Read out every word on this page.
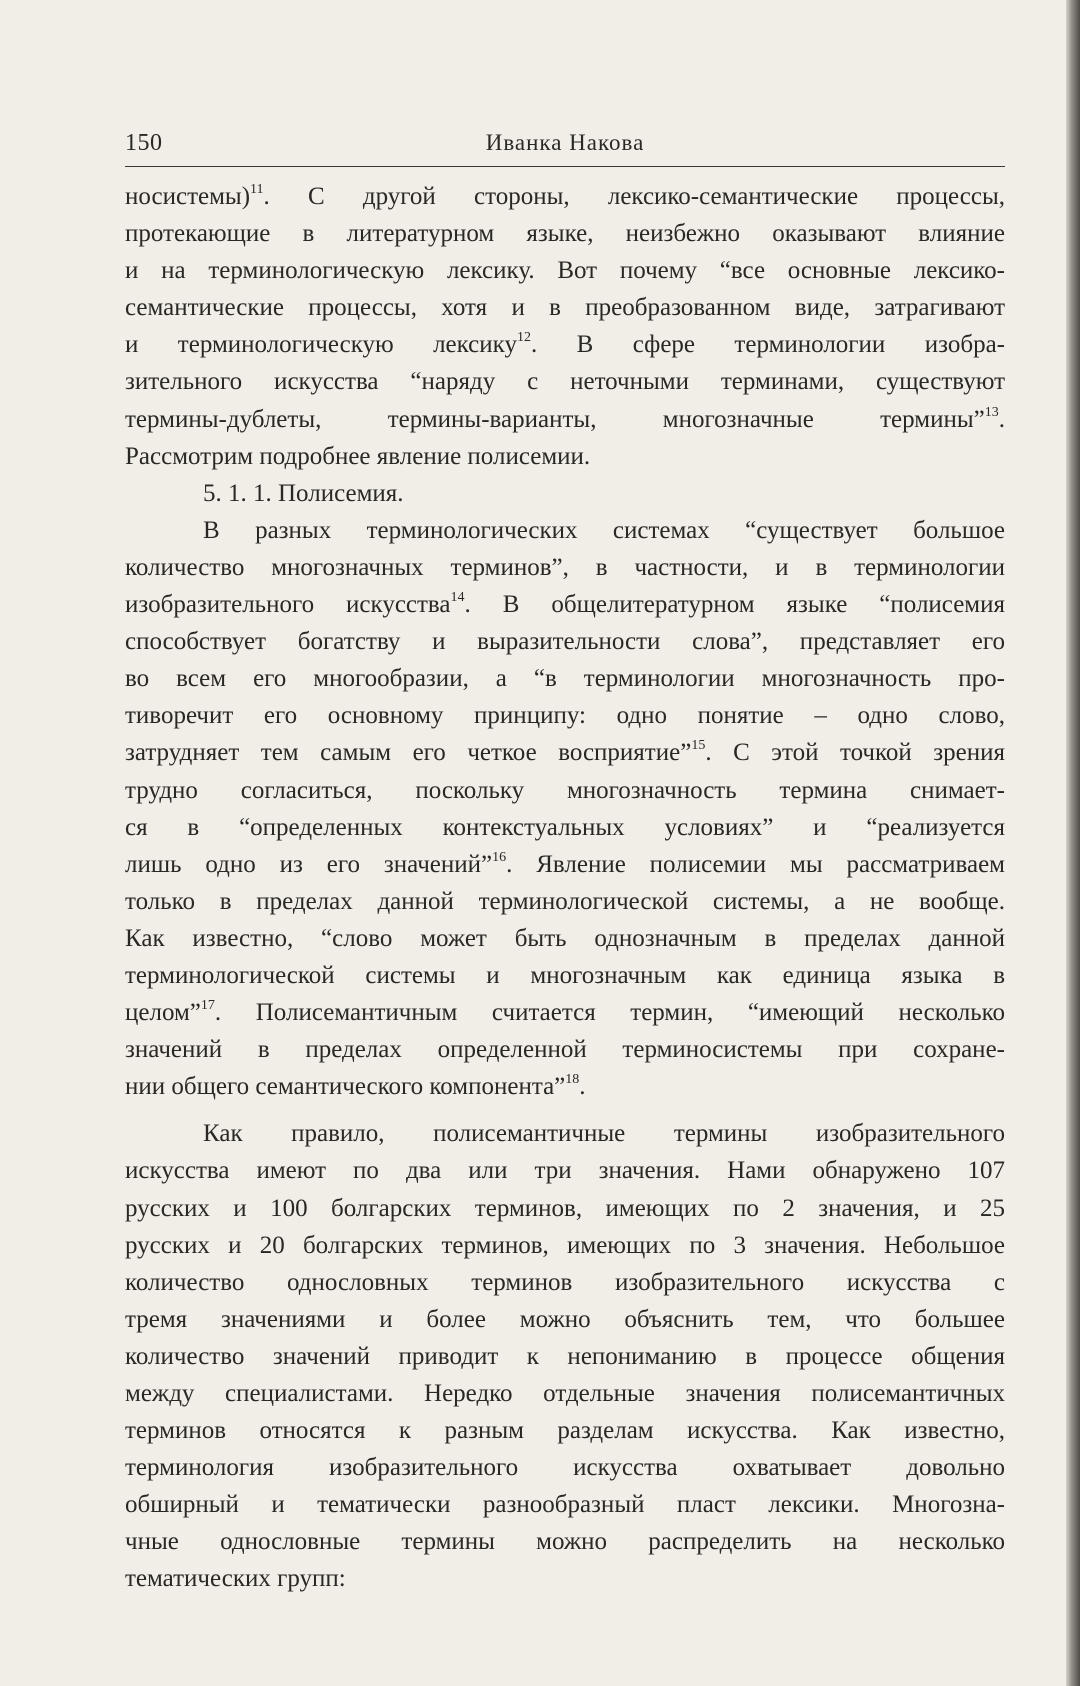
150	Иванка Накова
носистемы)$^{11}$. С другой стороны, лексико-семантические процессы,
протекающие в литературном языке, неизбежно оказывают влияние
и на терминологическую лексику. Вот почему “все основные лексико-
семантические процессы, хотя и в преобразованном виде, затрагивают
и терминологическую лексику$^{12}$. В сфере терминологии изобра-
зительного искусства “наряду с неточными терминами, существуют
термины-дублеты, термины-варианты, многозначные термины”$^{13}$.
Рассмотрим подробнее явление полисемии.
5. 1. 1. Полисемия.
В разных терминологических системах “существует большое
количество многозначных терминов”, в частности, и в терминологии
изобразительного искусства$^{14}$. В общелитературном языке “полисемия
способствует богатству и выразительности слова”, представляет его
во всем его многообразии, а “в терминологии многозначность про-
тиворечит его основному принципу: одно понятие – одно слово,
затрудняет тем самым его четкое восприятие”$^{15}$. С этой точкой зрения
трудно согласиться, поскольку многозначность термина снимает-
ся в “определенных контекстуальных условиях” и “реализуется
лишь одно из его значений”$^{16}$. Явление полисемии мы рассматриваем
только в пределах данной терминологической системы, а не вообще.
Как известно, “слово может быть однозначным в пределах данной
терминологической системы и многозначным как единица языка в
целом”$^{17}$. Полисемантичным считается термин, “имеющий несколько
значений в пределах определенной терминосистемы при сохране-
нии общего семантического компонента”$^{18}$.
Как правило, полисемантичные термины изобразительного
искусства имеют по два или три значения. Нами обнаружено 107
русских и 100 болгарских терминов, имеющих по 2 значения, и 25
русских и 20 болгарских терминов, имеющих по 3 значения. Небольшое
количество однословных терминов изобразительного искусства с
тремя значениями и более можно объяснить тем, что большее
количество значений приводит к непониманию в процессе общения
между специалистами. Нередко отдельные значения полисемантичных
терминов относятся к разным разделам искусства. Как известно,
терминология изобразительного искусства охватывает довольно
обширный и тематически разнообразный пласт лексики. Многозна-
чные однословные термины можно распределить на несколько
тематических групп:
